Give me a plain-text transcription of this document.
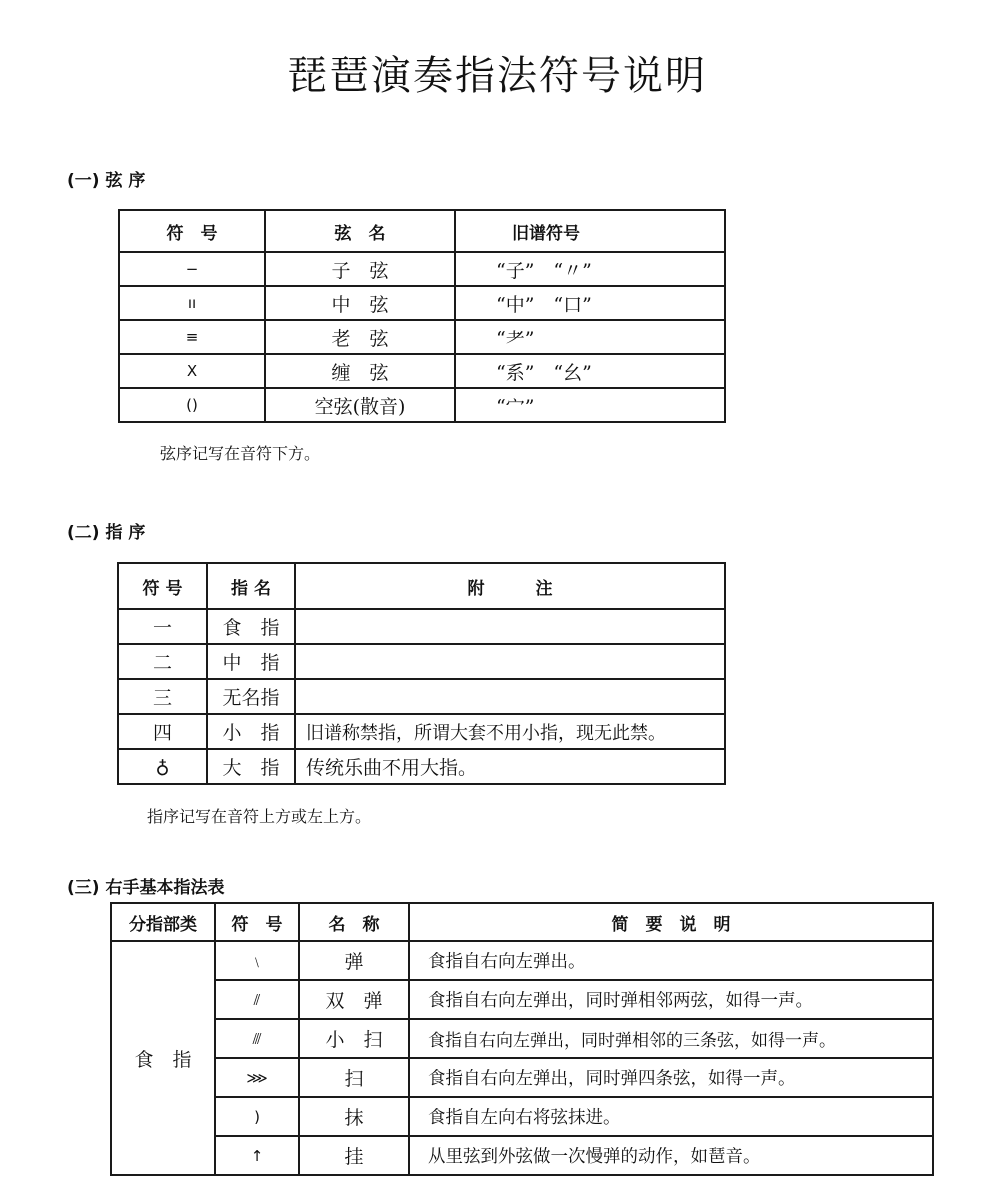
琵琶演奏指法符号说明
(一) 弦 序
符　号	弦　名	旧谱符号
−	子　弦	“子”　“〃”
ıı	中　弦	“中”　“口”
≡	老　弦	“⺹”
X	缠　弦	“系”　“幺”
()	空弦(散音)	“宀”
弦序记写在音符下方。
(二) 指 序
符 号	指 名	附　　　注
一	食　指	
二	中　指	
三	无名指	
四	小　指	旧谱称禁指，所谓大套不用小指，现无此禁。
♁	大　指	传统乐曲不用大指。
指序记写在音符上方或左上方。
(三) 右手基本指法表
分指部类	符　号	名　称	简　要　说　明
食　指	﹨	弹	食指自右向左弹出。
	⫽	双　弹	食指自右向左弹出，同时弹相邻两弦，如得一声。
	⫻	小　扫	食指自右向左弹出，同时弹相邻的三条弦，如得一声。
	⋙	扫	食指自右向左弹出，同时弹四条弦，如得一声。
	)	抹	食指自左向右将弦抹进。
	↑	挂	从里弦到外弦做一次慢弹的动作，如琶音。
